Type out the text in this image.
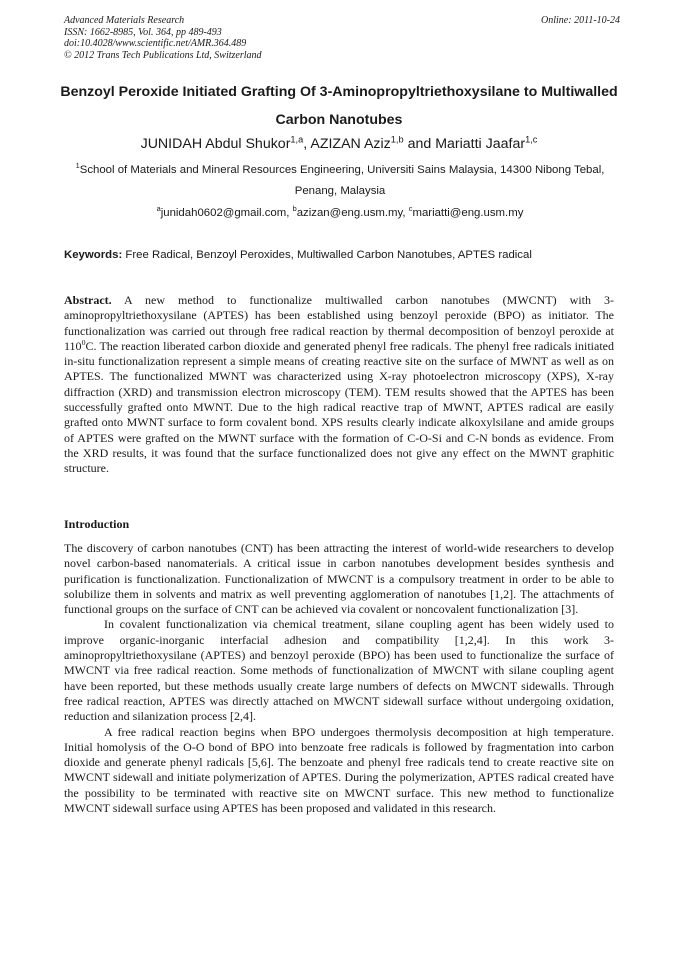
Advanced Materials Research
ISSN: 1662-8985, Vol. 364, pp 489-493
doi:10.4028/www.scientific.net/AMR.364.489
© 2012 Trans Tech Publications Ltd, Switzerland
Online: 2011-10-24
Benzoyl Peroxide Initiated Grafting Of 3-Aminopropyltriethoxysilane to Multiwalled Carbon Nanotubes
JUNIDAH Abdul Shukor$^{1,a}$, AZIZAN Aziz$^{1,b}$ and Mariatti Jaafar$^{1,c}$
$^1$School of Materials and Mineral Resources Engineering, Universiti Sains Malaysia, 14300 Nibong Tebal, Penang, Malaysia
$^a$junidah0602@gmail.com, $^b$azizan@eng.usm.my, $^c$mariatti@eng.usm.my
Keywords: Free Radical, Benzoyl Peroxides, Multiwalled Carbon Nanotubes, APTES radical
Abstract. A new method to functionalize multiwalled carbon nanotubes (MWCNT) with 3-aminopropyltriethoxysilane (APTES) has been established using benzoyl peroxide (BPO) as initiator. The functionalization was carried out through free radical reaction by thermal decomposition of benzoyl peroxide at $110^0C$. The reaction liberated carbon dioxide and generated phenyl free radicals. The phenyl free radicals initiated in-situ functionalization represent a simple means of creating reactive site on the surface of MWNT as well as on APTES. The functionalized MWNT was characterized using X-ray photoelectron microscopy (XPS), X-ray diffraction (XRD) and transmission electron microscopy (TEM). TEM results showed that the APTES has been successfully grafted onto MWNT. Due to the high radical reactive trap of MWNT, APTES radical are easily grafted onto MWNT surface to form covalent bond. XPS results clearly indicate alkoxylsilane and amide groups of APTES were grafted on the MWNT surface with the formation of C-O-Si and C-N bonds as evidence. From the XRD results, it was found that the surface functionalized does not give any effect on the MWNT graphitic structure.
Introduction

The discovery of carbon nanotubes (CNT) has been attracting the interest of world-wide researchers to develop novel carbon-based nanomaterials. A critical issue in carbon nanotubes development besides synthesis and purification is functionalization. Functionalization of MWCNT is a compulsory treatment in order to be able to solubilize them in solvents and matrix as well preventing agglomeration of nanotubes [1,2]. The attachments of functional groups on the surface of CNT can be achieved via covalent or noncovalent functionalization [3].

In covalent functionalization via chemical treatment, silane coupling agent has been widely used to improve organic-inorganic interfacial adhesion and compatibility [1,2,4]. In this work 3-aminopropyltriethoxysilane (APTES) and benzoyl peroxide (BPO) has been used to functionalize the surface of MWCNT via free radical reaction. Some methods of functionalization of MWCNT with silane coupling agent have been reported, but these methods usually create large numbers of defects on MWCNT sidewalls. Through free radical reaction, APTES was directly attached on MWCNT sidewall surface without undergoing oxidation, reduction and silanization process [2,4].

A free radical reaction begins when BPO undergoes thermolysis decomposition at high temperature. Initial homolysis of the O-O bond of BPO into benzoate free radicals is followed by fragmentation into carbon dioxide and generate phenyl radicals [5,6]. The benzoate and phenyl free radicals tend to create reactive site on MWCNT sidewall and initiate polymerization of APTES. During the polymerization, APTES radical created have the possibility to be terminated with reactive site on MWCNT surface. This new method to functionalize MWCNT sidewall surface using APTES has been proposed and validated in this research.
